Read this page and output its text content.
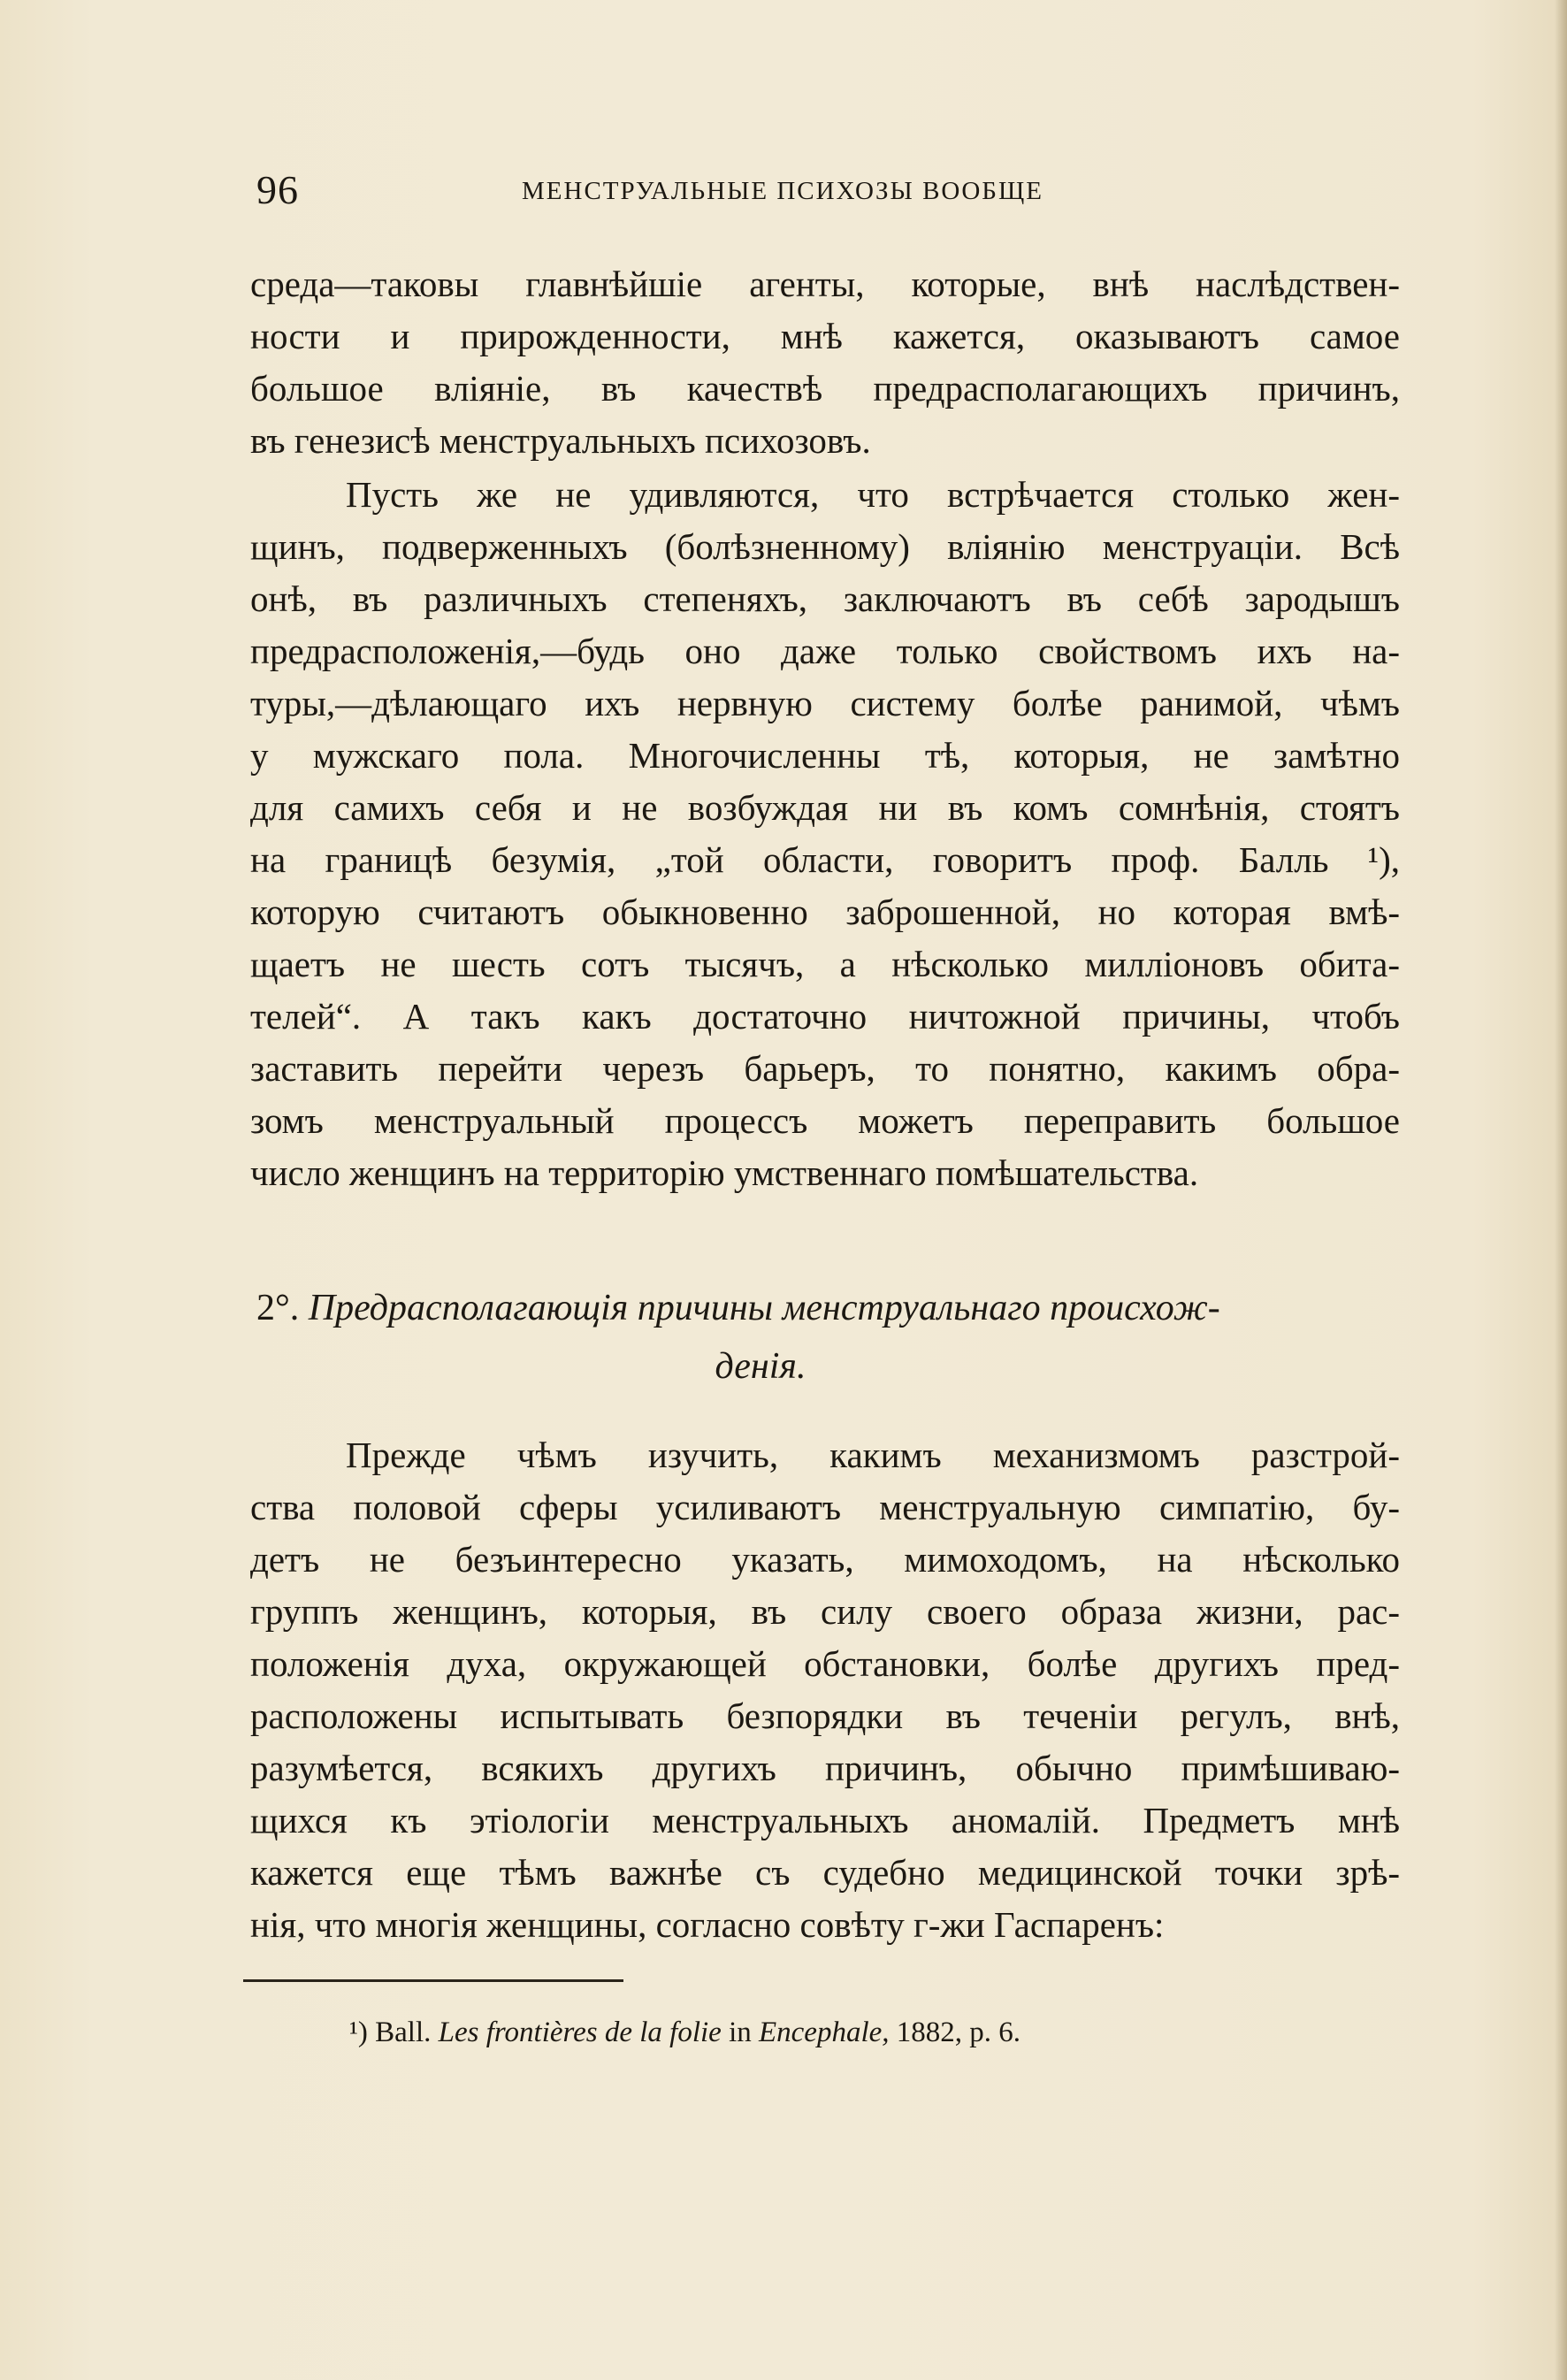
96	МЕНСТРУАЛЬНЫЕ ПСИХОЗЫ ВООБЩЕ
среда—таковы главнѣйшіе агенты, которые, внѣ наслѣдствен-
ности и прирожденности, мнѣ кажется, оказываютъ самое
большое вліяніе, въ качествѣ предрасполагающихъ причинъ,
въ генезисѣ менструальныхъ психозовъ.
Пусть же не удивляются, что встрѣчается столько жен-
щинъ, подверженныхъ (болѣзненному) вліянію менструаціи. Всѣ
онѣ, въ различныхъ степеняхъ, заключаютъ въ себѣ зародышъ
предрасположенія,—будь оно даже только свойствомъ ихъ на-
туры,—дѣлающаго ихъ нервную систему болѣе ранимой, чѣмъ
у мужскаго пола. Многочисленны тѣ, которыя, не замѣтно
для самихъ себя и не возбуждая ни въ комъ сомнѣнія, стоятъ
на границѣ безумія, „той области, говоритъ проф. Балль ¹),
которую считаютъ обыкновенно заброшенной, но которая вмѣ-
щаетъ не шесть сотъ тысячъ, а нѣсколько милліоновъ обита-
телей“. А такъ какъ достаточно ничтожной причины, чтобъ
заставить перейти черезъ барьеръ, то понятно, какимъ обра-
зомъ менструальный процессъ можетъ переправить большое
число женщинъ на территорію умственнаго помѣшательства.
2°. Предрасполагающія причины менструальнаго происхож-
денія.
Прежде чѣмъ изучить, какимъ механизмомъ разстрой-
ства половой сферы усиливаютъ менструальную симпатію, бу-
детъ не безъинтересно указать, мимоходомъ, на нѣсколько
группъ женщинъ, которыя, въ силу своего образа жизни, рас-
положенія духа, окружающей обстановки, болѣе другихъ пред-
расположены испытывать безпорядки въ теченіи регулъ, внѣ,
разумѣется, всякихъ другихъ причинъ, обычно примѣшиваю-
щихся къ этіологіи менструальныхъ аномалій. Предметъ мнѣ
кажется еще тѣмъ важнѣе съ судебно медицинской точки зрѣ-
нія, что многія женщины, согласно совѣту г-жи Гаспаренъ:
¹) Ball. Les frontières de la folie in Encephale, 1882, p. 6.
